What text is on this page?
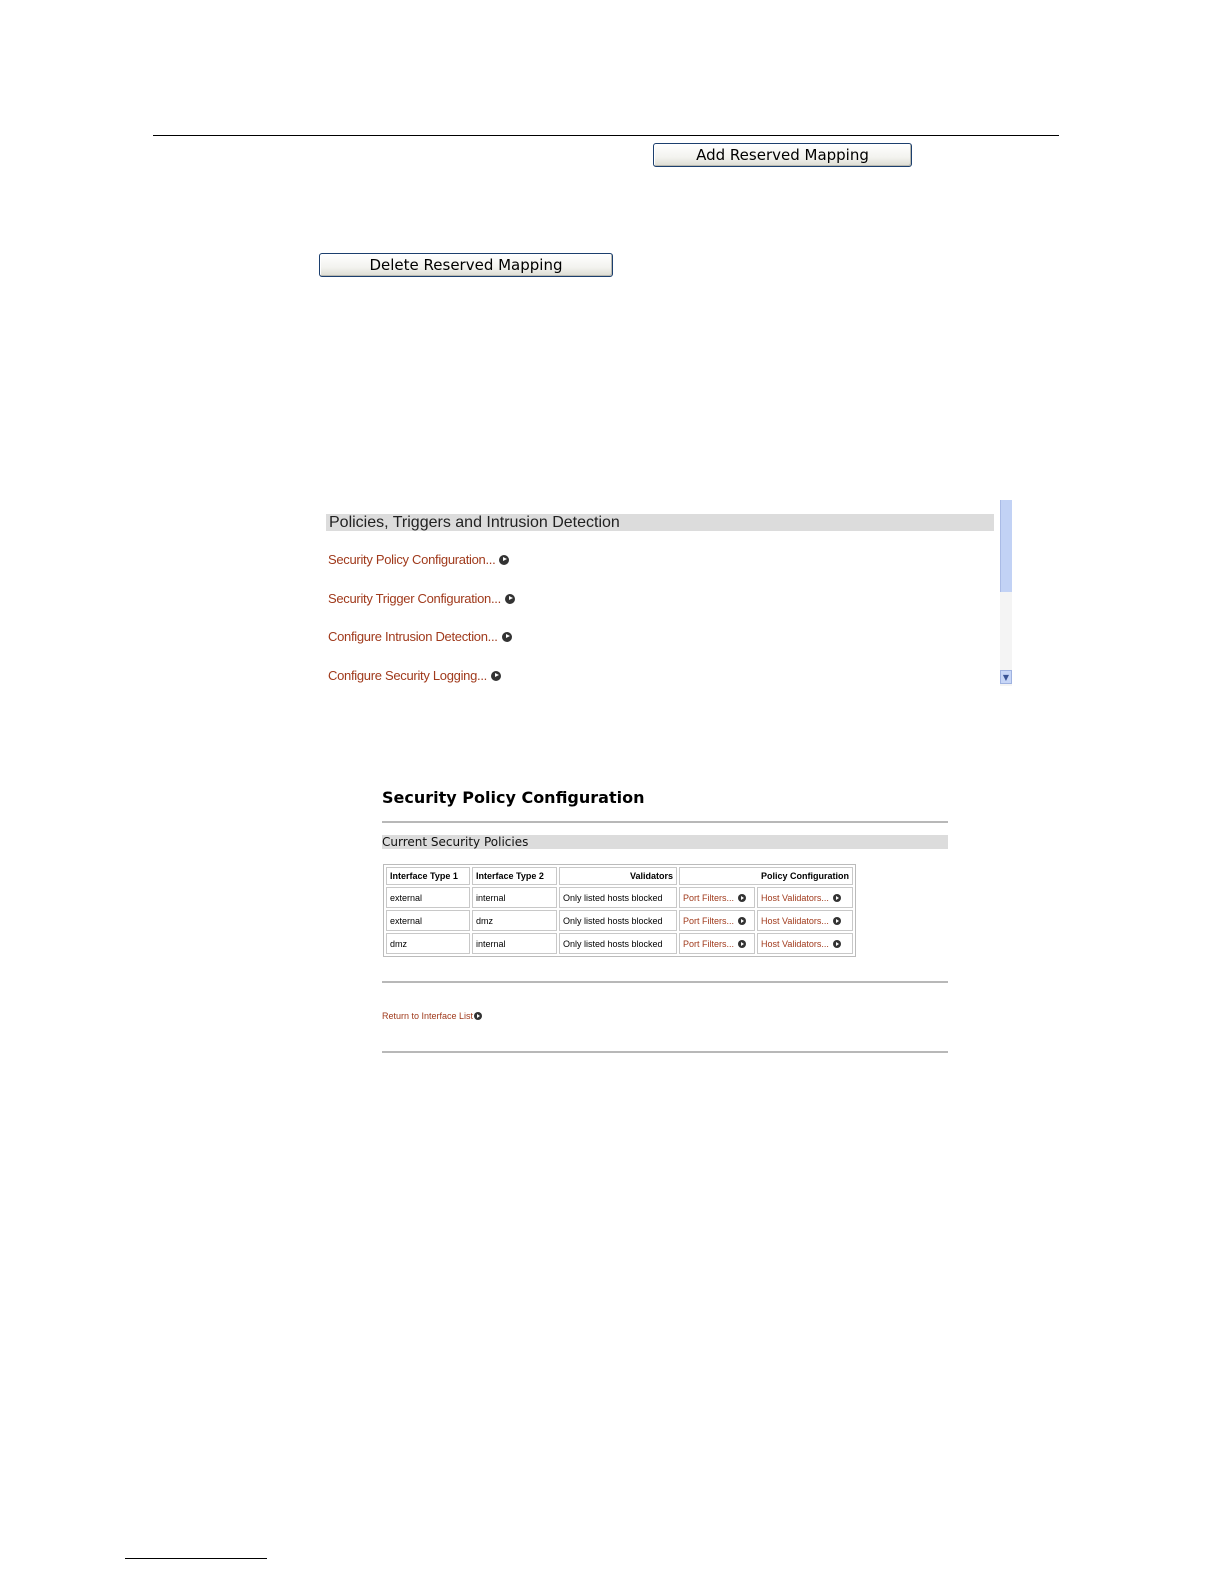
Add Reserved Mapping
Delete Reserved Mapping
Policies, Triggers and Intrusion Detection
Security Policy Configuration...
Security Trigger Configuration...
Configure Intrusion Detection...
Configure Security Logging...	▼
Security Policy Configuration
Current Security Policies
Interface Type 1	Interface Type 2	Validators	Policy Configuration	
external	internal	Only listed hosts blocked	Port Filters...	Host Validators...

external	dmz	Only listed hosts blocked	Port Filters...	Host Validators...

dmz	internal	Only listed hosts blocked	Port Filters...	Host Validators...
Return to Interface List
